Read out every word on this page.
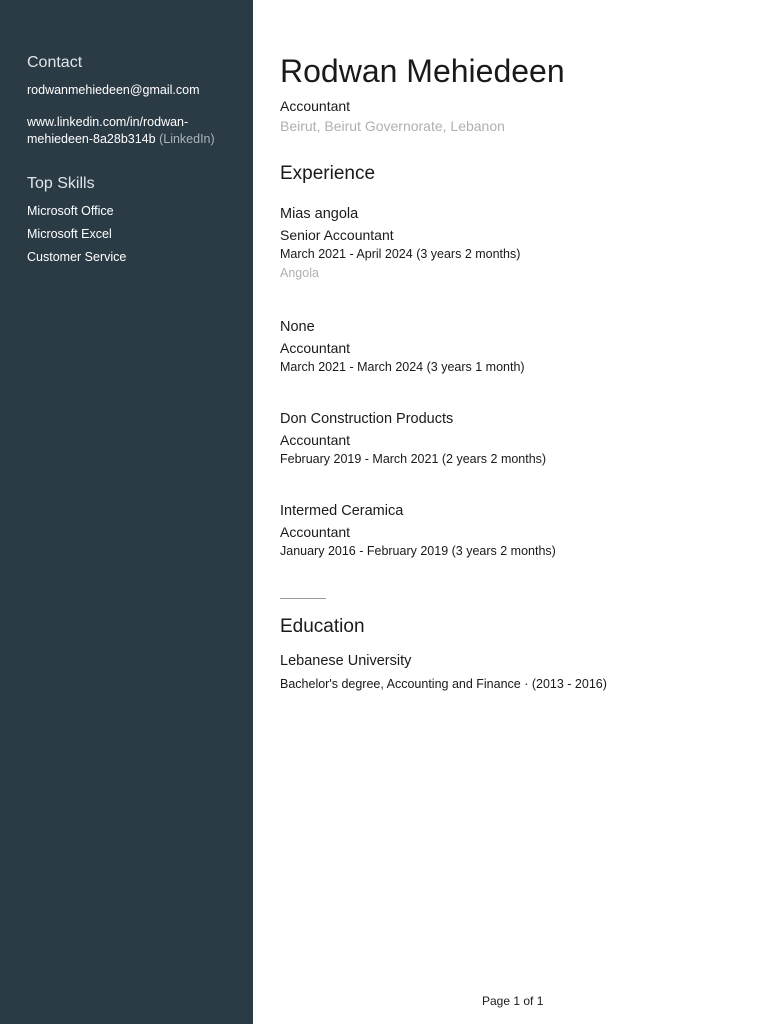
Contact
rodwanmehiedeen@gmail.com
www.linkedin.com/in/rodwan-mehiedeen-8a28b314b (LinkedIn)
Top Skills
Microsoft Office
Microsoft Excel
Customer Service
Rodwan Mehiedeen
Accountant
Beirut, Beirut Governorate, Lebanon
Experience
Mias angola
Senior Accountant
March 2021 - April 2024 (3 years 2 months)
Angola
None
Accountant
March 2021 - March 2024 (3 years 1 month)
Don Construction Products
Accountant
February 2019 - March 2021 (2 years 2 months)
Intermed Ceramica
Accountant
January 2016 - February 2019 (3 years 2 months)
Education
Lebanese University
Bachelor's degree, Accounting and Finance · (2013 - 2016)
Page 1 of 1
